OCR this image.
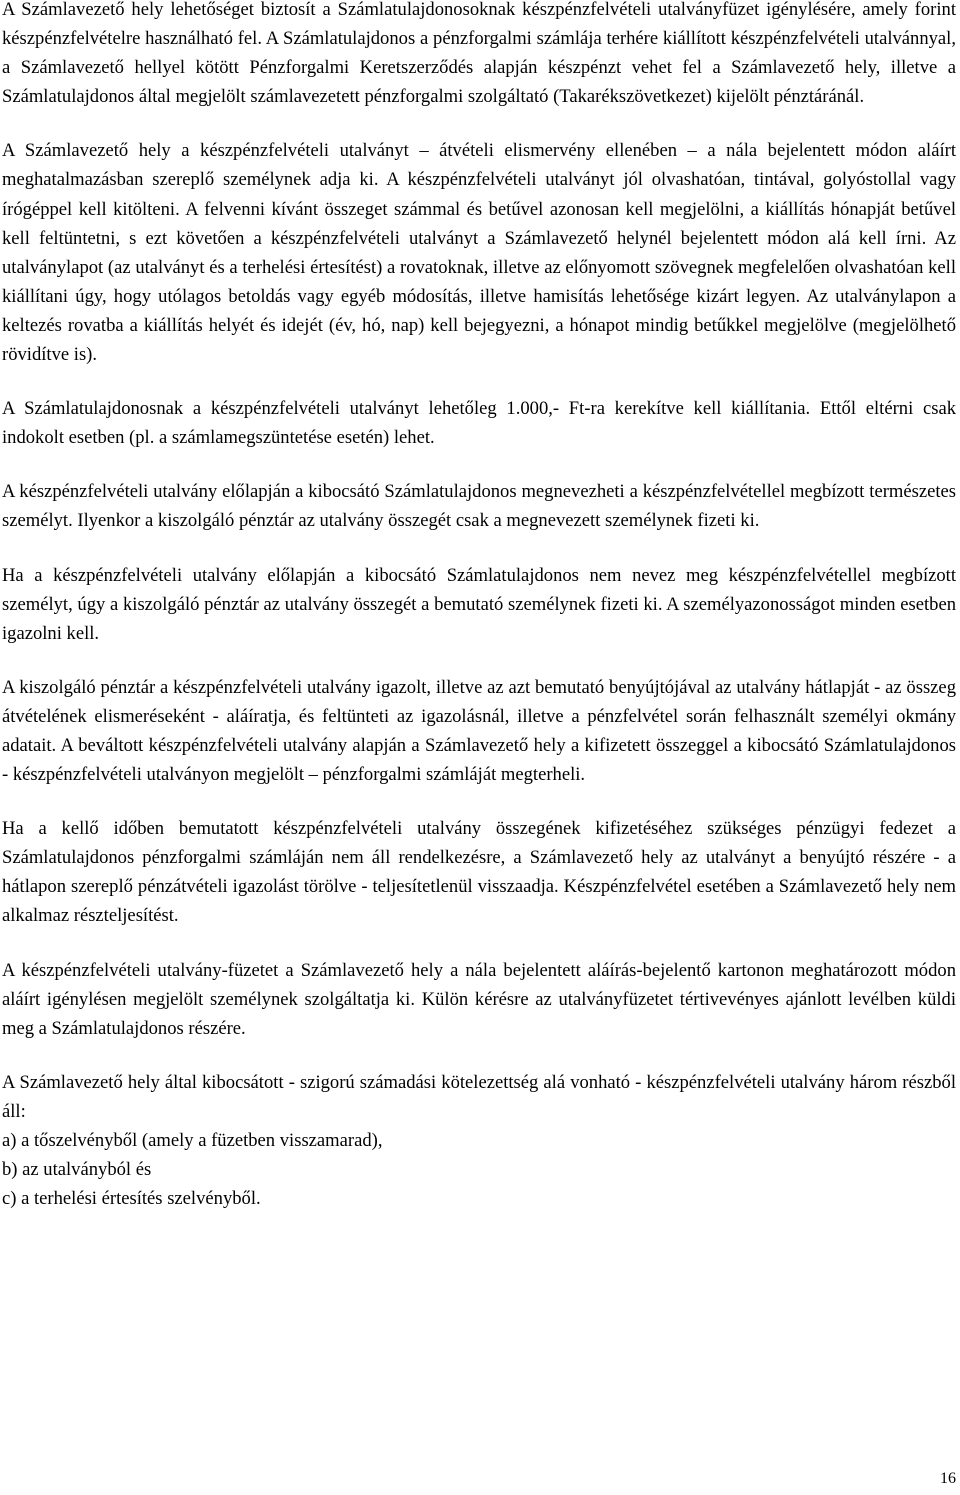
A Számlavezető hely lehetőséget biztosít a Számlatulajdonosoknak készpénzfelvételi utalványfüzet igénylésére, amely forint készpénzfelvételre használható fel. A Számlatulajdonos a pénzforgalmi számlája terhére kiállított készpénzfelvételi utalvánnyal, a Számlavezető hellyel kötött Pénzforgalmi Keretszerződés alapján készpénzt vehet fel a Számlavezető hely, illetve a Számlatulajdonos által megjelölt számlavezetett pénzforgalmi szolgáltató (Takarékszövetkezet) kijelölt pénztáránál.

A Számlavezető hely a készpénzfelvételi utalványt – átvételi elismervény ellenében – a nála bejelentett módon aláírt meghatalmazásban szereplő személynek adja ki. A készpénzfelvételi utalványt jól olvashatóan, tintával, golyóstollal vagy írógéppel kell kitölteni. A felvenni kívánt összeget számmal és betűvel azonosan kell megjelölni, a kiállítás hónapját betűvel kell feltüntetni, s ezt követően a készpénzfelvételi utalványt a Számlavezető helynél bejelentett módon alá kell írni. Az utalványlapot (az utalványt és a terhelési értesítést) a rovatoknak, illetve az előnyomott szövegnek megfelelően olvashatóan kell kiállítani úgy, hogy utólagos betoldás vagy egyéb módosítás, illetve hamisítás lehetősége kizárt legyen. Az utalványlapon a keltezés rovatba a kiállítás helyét és idejét (év, hó, nap) kell bejegyezni, a hónapot mindig betűkkel megjelölve (megjelölhető rövidítve is).

A Számlatulajdonosnak a készpénzfelvételi utalványt lehetőleg 1.000,- Ft-ra kerekítve kell kiállítania. Ettől eltérni csak indokolt esetben (pl. a számlamegszüntetése esetén) lehet.

A készpénzfelvételi utalvány előlapján a kibocsátó Számlatulajdonos megnevezheti a készpénzfelvétellel megbízott természetes személyt. Ilyenkor a kiszolgáló pénztár az utalvány összegét csak a megnevezett személynek fizeti ki.

Ha a készpénzfelvételi utalvány előlapján a kibocsátó Számlatulajdonos nem nevez meg készpénzfelvétellel megbízott személyt, úgy a kiszolgáló pénztár az utalvány összegét a bemutató személynek fizeti ki. A személyazonosságot minden esetben igazolni kell.

A kiszolgáló pénztár a készpénzfelvételi utalvány igazolt, illetve az azt bemutató benyújtójával az utalvány hátlapját - az összeg átvételének elismeréseként - aláíratja, és feltünteti az igazolásnál, illetve a pénzfelvétel során felhasznált személyi okmány adatait. A beváltott készpénzfelvételi utalvány alapján a Számlavezető hely a kifizetett összeggel a kibocsátó Számlatulajdonos - készpénzfelvételi utalványon megjelölt – pénzforgalmi számláját megterheli.

Ha a kellő időben bemutatott készpénzfelvételi utalvány összegének kifizetéséhez szükséges pénzügyi fedezet a Számlatulajdonos pénzforgalmi számláján nem áll rendelkezésre, a Számlavezető hely az utalványt a benyújtó részére - a hátlapon szereplő pénzátvételi igazolást törölve - teljesítetlenül visszaadja. Készpénzfelvétel esetében a Számlavezető hely nem alkalmaz részteljesítést.

A készpénzfelvételi utalvány-füzetet a Számlavezető hely a nála bejelentett aláírás-bejelentő kartonon meghatározott módon aláírt igénylésen megjelölt személynek szolgáltatja ki. Külön kérésre az utalványfüzetet tértivevényes ajánlott levélben küldi meg a Számlatulajdonos részére.

A Számlavezető hely által kibocsátott - szigorú számadási kötelezettség alá vonható - készpénzfelvételi utalvány három részből áll:

a) a tőszelvényből (amely a füzetben visszamarad),

b) az utalványból és

c) a terhelési értesítés szelvényből.

16
